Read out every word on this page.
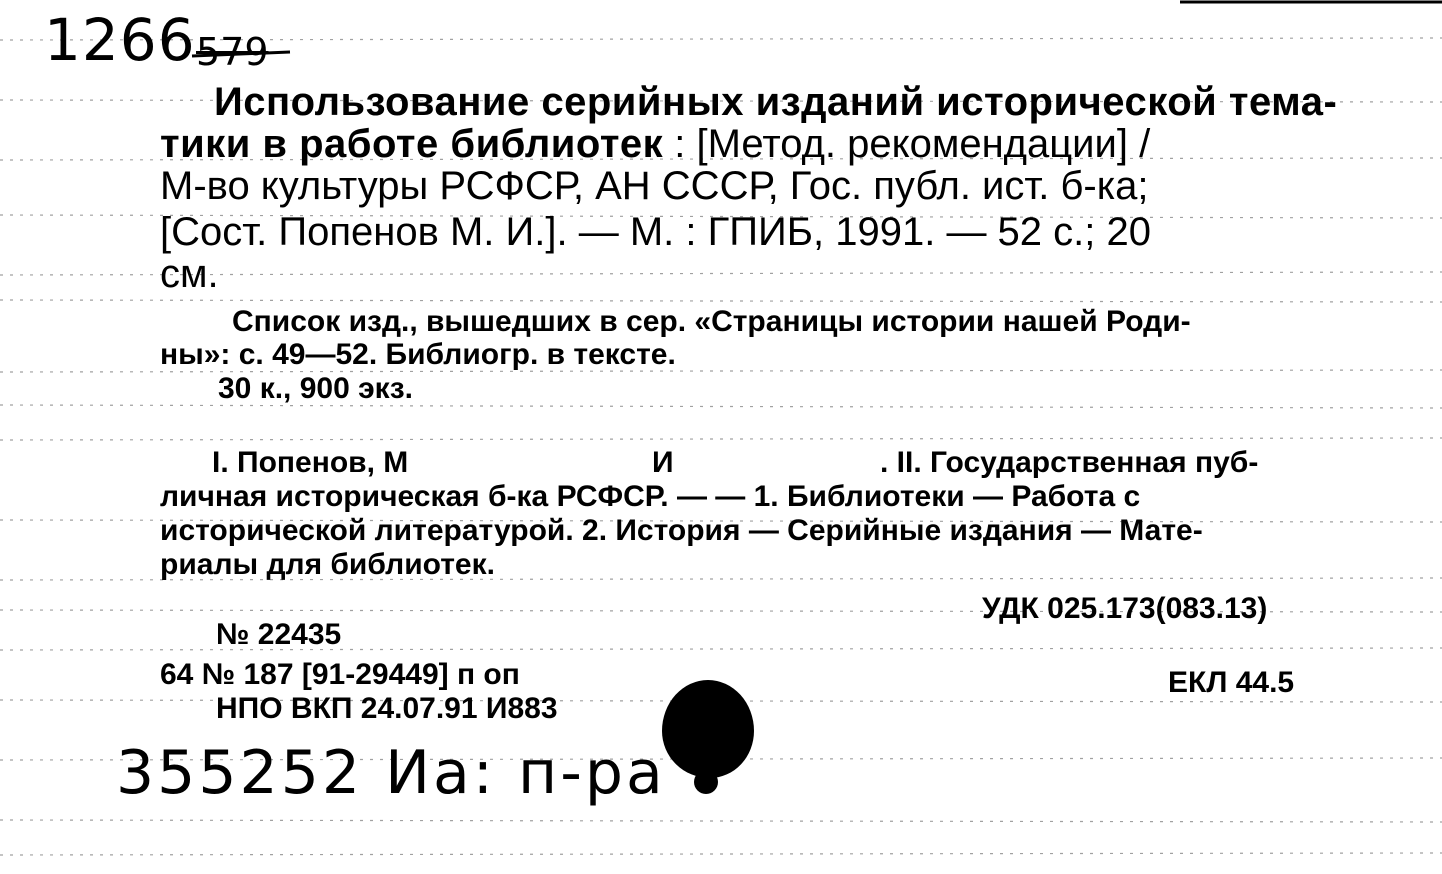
1266 579
Использование серийных изданий исторической тема-
тики в работе библиотек : [Метод. рекомендации] /
М-во культуры РСФСР, АН СССР, Гос. публ. ист. б-ка;
[Сост. Попенов М. И.]. — М. : ГПИБ, 1991. — 52 с.; 20
см.
Список изд., вышедших в сер. «Страницы истории нашей Роди-
ны»: с. 49—52. Библиогр. в тексте.
30 к., 900 экз.
I. Попенов, М	И	. II. Государственная пуб-
личная историческая б-ка РСФСР. — — 1. Библиотеки — Работа с
исторической литературой. 2. История — Серийные издания — Мате-
риалы для библиотек.
УДК 025.173(083.13)
№ 22435
64 № 187 [91-29449] п оп	ЕКЛ 44.5
НПО ВКП 24.07.91 И883
355252 Иа: п-ра
